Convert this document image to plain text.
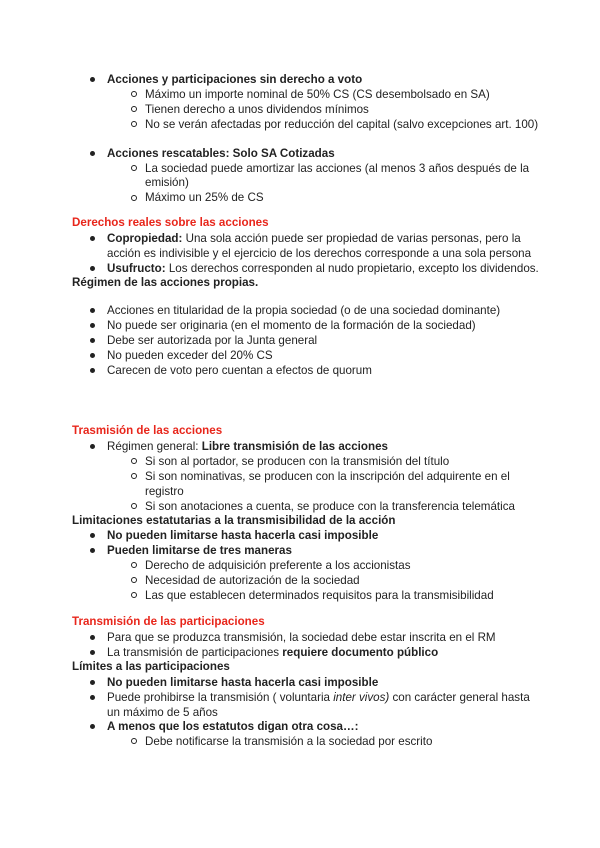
Acciones y participaciones sin derecho a voto
Máximo un importe nominal de 50% CS (CS desembolsado en SA)
Tienen derecho a unos dividendos mínimos
No se verán afectadas por reducción del capital (salvo excepciones art. 100)
Acciones rescatables: Solo SA Cotizadas
La sociedad puede amortizar las acciones (al menos 3 años después de la
emisión)
Máximo un 25% de CS
Derechos reales sobre las acciones
Copropiedad: Una sola acción puede ser propiedad de varias personas, pero la
acción es indivisible y el ejercicio de los derechos corresponde a una sola persona
Usufructo: Los derechos corresponden al nudo propietario, excepto los dividendos.
Régimen de las acciones propias.
Acciones en titularidad de la propia sociedad (o de una sociedad dominante)
No puede ser originaria (en el momento de la formación de la sociedad)
Debe ser autorizada por la Junta general
No pueden exceder del 20% CS
Carecen de voto pero cuentan a efectos de quorum
Trasmisión de las acciones
Régimen general: Libre transmisión de las acciones
Si son al portador, se producen con la transmisión del título
Si son nominativas, se producen con la inscripción del adquirente en el
registro
Si son anotaciones a cuenta, se produce con la transferencia telemática
Limitaciones estatutarias a la transmisibilidad de la acción
No pueden limitarse hasta hacerla casi imposible
Pueden limitarse de tres maneras
Derecho de adquisición preferente a los accionistas
Necesidad de autorización de la sociedad
Las que establecen determinados requisitos para la transmisibilidad
Transmisión de las participaciones
Para que se produzca transmisión, la sociedad debe estar inscrita en el RM
La transmisión de participaciones requiere documento público
Límites a las participaciones
No pueden limitarse hasta hacerla casi imposible
Puede prohibirse la transmisión ( voluntaria inter vivos) con carácter general hasta
un máximo de 5 años
A menos que los estatutos digan otra cosa…:
Debe notificarse la transmisión a la sociedad por escrito
